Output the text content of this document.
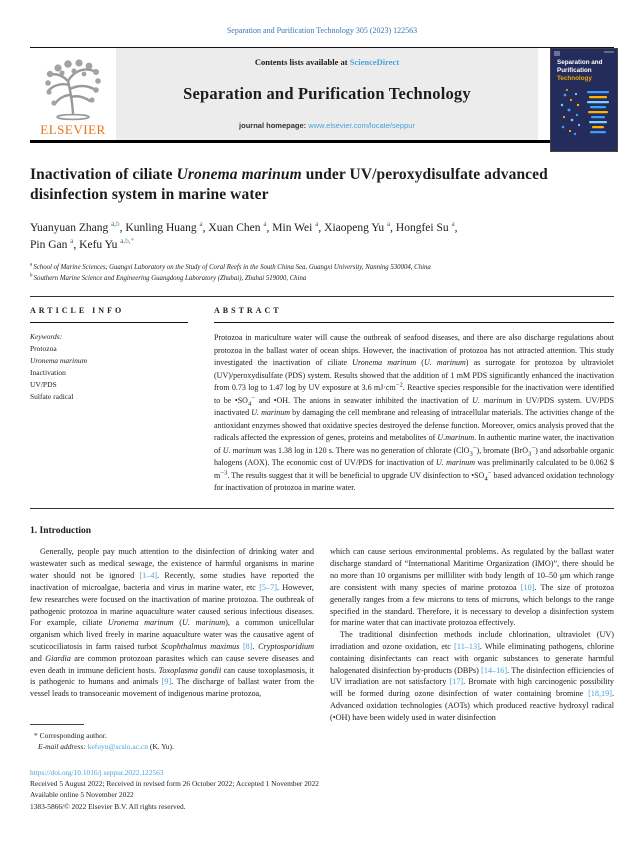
Separation and Purification Technology 305 (2023) 122563
ELSEVIER
Contents lists available at ScienceDirect
Separation and Purification Technology
journal homepage: www.elsevier.com/locate/seppur
Separation and
Purification
Technology
Inactivation of ciliate Uronema marinum under UV/peroxydisulfate advanced disinfection system in marine water
Yuanyuan Zhang $^{a,b}$, Kunling Huang $^a$, Xuan Chen $^a$, Min Wei $^a$, Xiaopeng Yu $^a$, Hongfei Su $^a$,
Pin Gan $^a$, Kefu Yu $^{a,b,*}$
$^a$ School of Marine Sciences, Guangxi Laboratory on the Study of Coral Reefs in the South China Sea, Guangxi University, Nanning 530004, China
$^b$ Southern Marine Science and Engineering Guangdong Laboratory (Zhuhai), Zhuhai 519000, China
ARTICLE INFO
Keywords:
Protozoa
Uronema marinum
Inactivation
UV/PDS
Sulfate radical
ABSTRACT
Protozoa in mariculture water will cause the outbreak of seafood diseases, and there are also discharge regulations about protozoa in the ballast water of ocean ships. However, the inactivation of protozoa has not attracted attention. This study investigated the inactivation of ciliate Uronema marinum (U. marinum) as surrogate for protozoa by ultraviolet (UV)/peroxydisulfate (PDS) system. Results showed that the addition of 1 mM PDS significantly enhanced the inactivation from 0.73 log to 1.47 log by UV exposure at 3.6 $mJ\cdot cm^{-2}$. Reactive species responsible for the inactivation were identified to be $•SO_4^-$ and •OH. The anions in seawater inhibited the inactivation of U. marinum in UV/PDS system. UV/PDS inactivated U. marinum by damaging the cell membrane and releasing of intracellular materials. The activities change of the antioxidant enzymes showed that oxidative species destroyed the defense function. Moreover, omics analysis proved that the radicals affected the expression of genes, proteins and metabolites of U.marinum. In authentic marine water, the inactivation of U. marinum was 1.38 log in 120 s. There was no generation of chlorate (ClO$_3$−), bromate (BrO$_3$−) and adsorbable organic halogens (AOX). The economic cost of UV/PDS for inactivation of U. marinum was preliminarily calculated to be 0.062 $ $m^{-3}$. The results suggest that it will be beneficial to upgrade UV disinfection to $•SO_4^-$ based advanced oxidation technology for inactivation of protozoa in marine water.
1. Introduction

Generally, people pay much attention to the disinfection of drinking water and wastewater such as medical sewage, the existence of harmful organisms in marine water should not be ignored [1–4]. Recently, some studies have reported the inactivation of microalgae, bacteria and virus in marine water, etc [5–7]. However, few researches were focused on the inactivation of marine protozoa. The outbreak of pathogenic protozoa in marine aquaculture water caused serious infectious diseases. For example, ciliate Uronema marinum (U. marinum), a common unicellular organism which lived freely in marine aquaculture water was the causative agent of scuticociliatosis in farm raised turbot Scophthalmus maximus [8]. Cryptosporidium and Giardia are common protozoan parasites which can cause severe diseases and even death in immune deficient hosts. Toxoplasma gondii can cause toxoplasmosis, it is pathogenic to humans and animals [9]. The discharge of ballast water from the vessel leads to transoceanic movement of indigenous marine protozoa,

* Corresponding author.
E-mail address: kefuyu@scsio.ac.cn (K. Yu).

which can cause serious environmental problems. As regulated by the ballast water discharge standard of “International Maritime Organization (IMO)”, there should be no more than 10 organisms per milliliter with body length of 10–50 μm which range are consistent with many species of marine protozoa [10]. The size of protozoa generally ranges from a few microns to tens of microns, which belongs to the range specified in the standard. Therefore, it is necessary to develop a disinfection system for marine water that can inactivate protozoa effectively.

The traditional disinfection methods include chlorination, ultraviolet (UV) irradiation and ozone oxidation, etc [11–13]. While eliminating pathogens, chlorine containing disinfectants can react with organic substances to generate harmful halogenated disinfection by-products (DBPs) [14–16]. The disinfection efficiencies of UV irradiation are not satisfactory [17]. Bromate with high carcinogenic possibility will be formed during ozone disinfection of water containing bromine [18,19]. Advanced oxidation technologies (AOTs) which produced reactive hydroxyl radical (•OH) have been widely used in water disinfection

https://doi.org/10.1016/j.seppur.2022.122563
Received 5 August 2022; Received in revised form 26 October 2022; Accepted 1 November 2022
Available online 5 November 2022
1383-5866/© 2022 Elsevier B.V. All rights reserved.
